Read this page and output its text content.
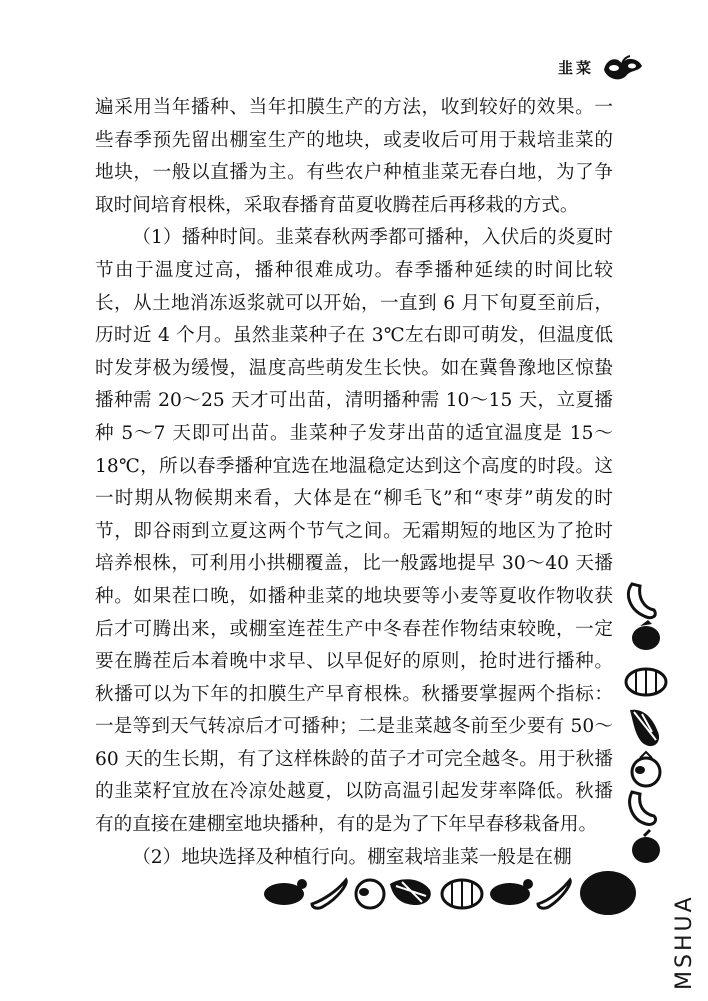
韭菜

遍采用当年播种、当年扣膜生产的方法，收到较好的效果。一些春季预先留出棚室生产的地块，或麦收后可用于栽培韭菜的地块，一般以直播为主。有些农户种植韭菜无春白地，为了争取时间培育根株，采取春播育苗夏收腾茬后再移栽的方式。

（1）播种时间。韭菜春秋两季都可播种，入伏后的炎夏时节由于温度过高，播种很难成功。春季播种延续的时间比较长，从土地消冻返浆就可以开始，一直到 6 月下旬夏至前后，历时近 4 个月。虽然韭菜种子在 3℃左右即可萌发，但温度低时发芽极为缓慢，温度高些萌发生长快。如在冀鲁豫地区惊蛰播种需 20～25 天才可出苗，清明播种需 10～15 天，立夏播种 5～7 天即可出苗。韭菜种子发芽出苗的适宜温度是 15～18℃，所以春季播种宜选在地温稳定达到这个高度的时段。这一时期从物候期来看，大体是在“柳毛飞”和“枣芽”萌发的时节，即谷雨到立夏这两个节气之间。无霜期短的地区为了抢时培养根株，可利用小拱棚覆盖，比一般露地提早 30～40 天播种。如果茬口晚，如播种韭菜的地块要等小麦等夏收作物收获后才可腾出来，或棚室连茬生产中冬春茬作物结束较晚，一定要在腾茬后本着晚中求早、以早促好的原则，抢时进行播种。秋播可以为下年的扣膜生产早育根株。秋播要掌握两个指标：一是等到天气转凉后才可播种；二是韭菜越冬前至少要有 50～60 天的生长期，有了这样株龄的苗子才可完全越冬。用于秋播的韭菜籽宜放在冷凉处越夏，以防高温引起发芽率降低。秋播有的直接在建棚室地块播种，有的是为了下年早春移栽备用。

（2）地块选择及种植行向。棚室栽培韭菜一般是在棚

MSHUA
